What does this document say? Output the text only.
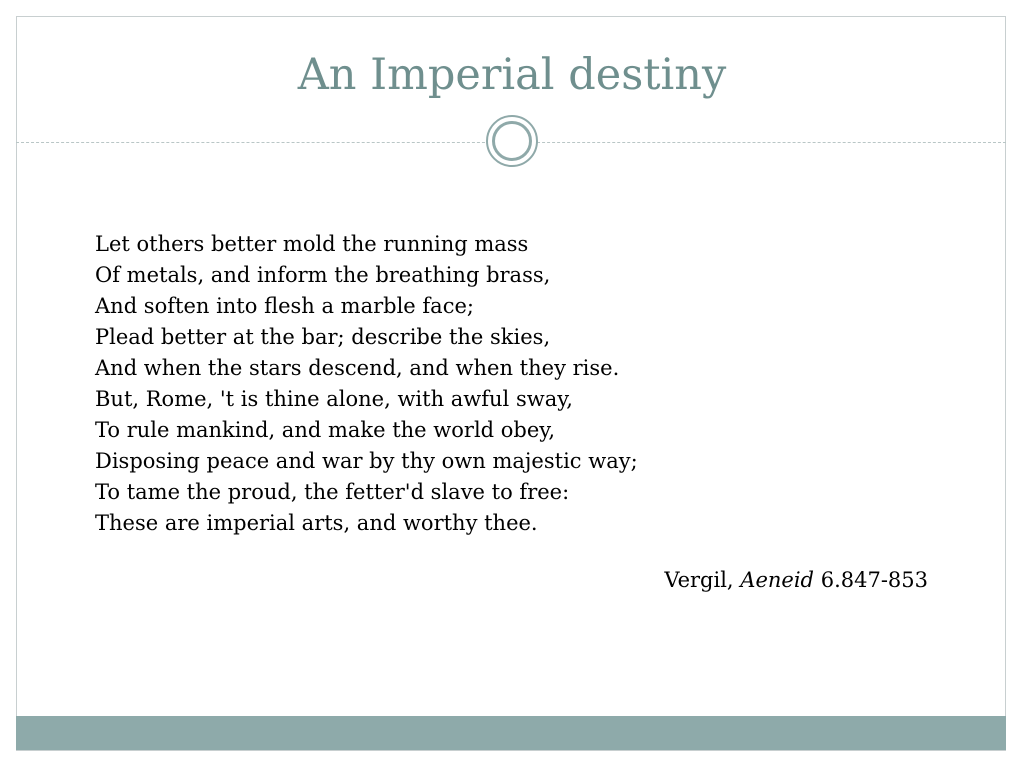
An Imperial destiny
Let others better mold the running mass
Of metals, and inform the breathing brass,
And soften into flesh a marble face;
Plead better at the bar; describe the skies,
And when the stars descend, and when they rise.
But, Rome, 't is thine alone, with awful sway,
To rule mankind, and make the world obey,
Disposing peace and war by thy own majestic way;
To tame the proud, the fetter'd slave to free:
These are imperial arts, and worthy thee.
Vergil, Aeneid 6.847-853
